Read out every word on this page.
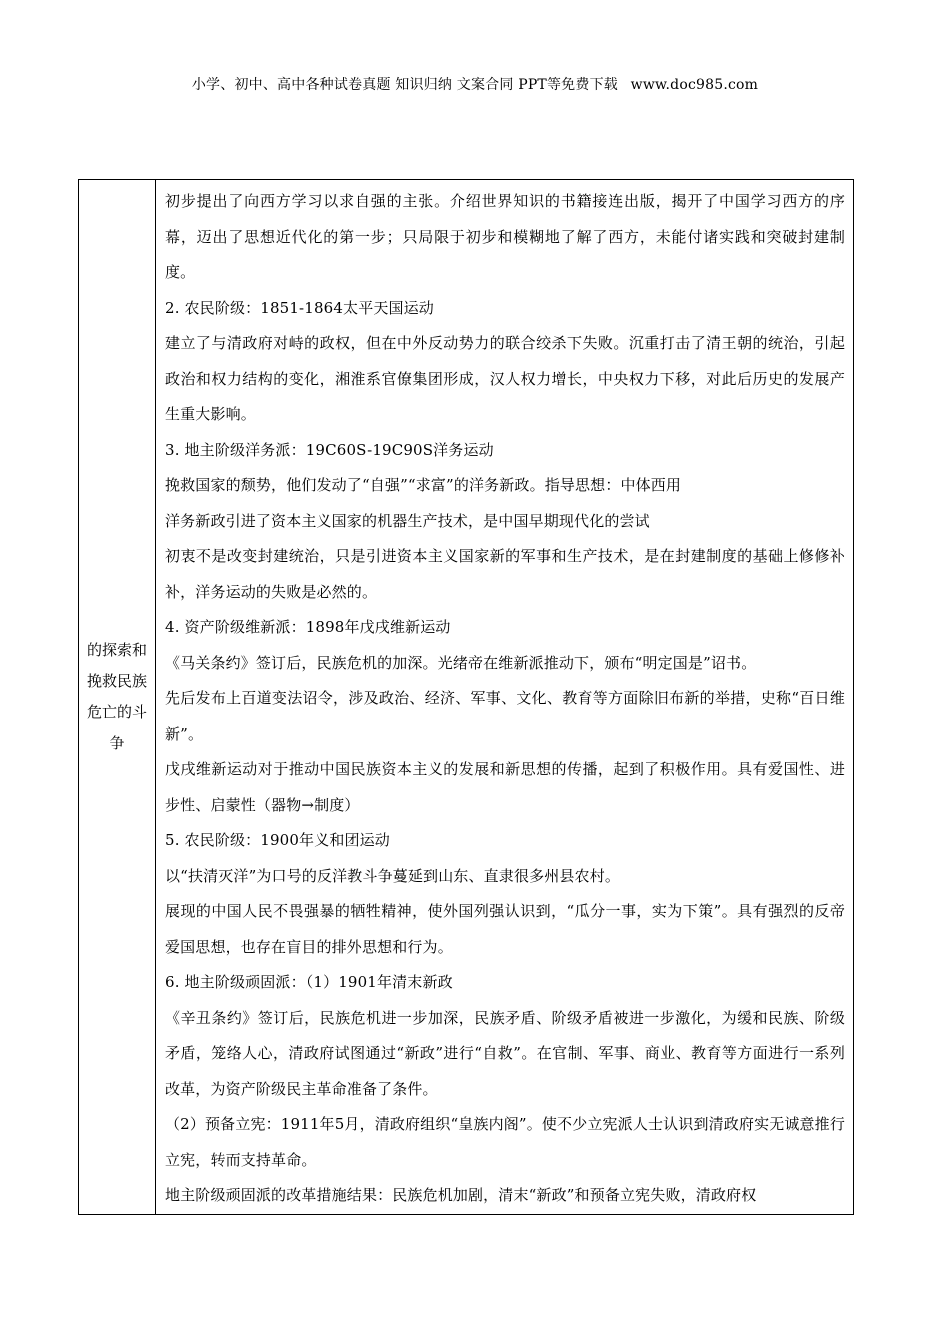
小学、初中、高中各种试卷真题 知识归纳 文案合同 PPT等免费下载 www.doc985.com
的探索和
挽救民族
危亡的斗
争

初步提出了向西方学习以求自强的主张。介绍世界知识的书籍接连出版，揭开了中国学习西方的序幕，迈出了思想近代化的第一步；只局限于初步和模糊地了解了西方，未能付诸实践和突破封建制度。

2. 农民阶级：1851-1864太平天国运动

建立了与清政府对峙的政权，但在中外反动势力的联合绞杀下失败。沉重打击了清王朝的统治，引起政治和权力结构的变化，湘淮系官僚集团形成，汉人权力增长，中央权力下移，对此后历史的发展产生重大影响。

3. 地主阶级洋务派：19C60S-19C90S洋务运动

挽救国家的颓势，他们发动了“自强”“求富”的洋务新政。指导思想：中体西用

洋务新政引进了资本主义国家的机器生产技术，是中国早期现代化的尝试

初衷不是改变封建统治，只是引进资本主义国家新的军事和生产技术，是在封建制度的基础上修修补补，洋务运动的失败是必然的。

4. 资产阶级维新派：1898年戊戌维新运动

《马关条约》签订后，民族危机的加深。光绪帝在维新派推动下，颁布“明定国是”诏书。

先后发布上百道变法诏令，涉及政治、经济、军事、文化、教育等方面除旧布新的举措，史称“百日维新”。

戊戌维新运动对于推动中国民族资本主义的发展和新思想的传播，起到了积极作用。具有爱国性、进步性、启蒙性（器物→制度）

5. 农民阶级：1900年义和团运动

以“扶清灭洋”为口号的反洋教斗争蔓延到山东、直隶很多州县农村。

展现的中国人民不畏强暴的牺牲精神，使外国列强认识到，“瓜分一事，实为下策”。具有强烈的反帝爱国思想，也存在盲目的排外思想和行为。

6. 地主阶级顽固派：（1）1901年清末新政

《辛丑条约》签订后，民族危机进一步加深，民族矛盾、阶级矛盾被进一步激化，为缓和民族、阶级矛盾，笼络人心，清政府试图通过“新政”进行“自救”。在官制、军事、商业、教育等方面进行一系列改革，为资产阶级民主革命准备了条件。

（2）预备立宪：1911年5月，清政府组织“皇族内阁”。使不少立宪派人士认识到清政府实无诚意推行立宪，转而支持革命。

地主阶级顽固派的改革措施结果：民族危机加剧，清末“新政”和预备立宪失败，清政府权
